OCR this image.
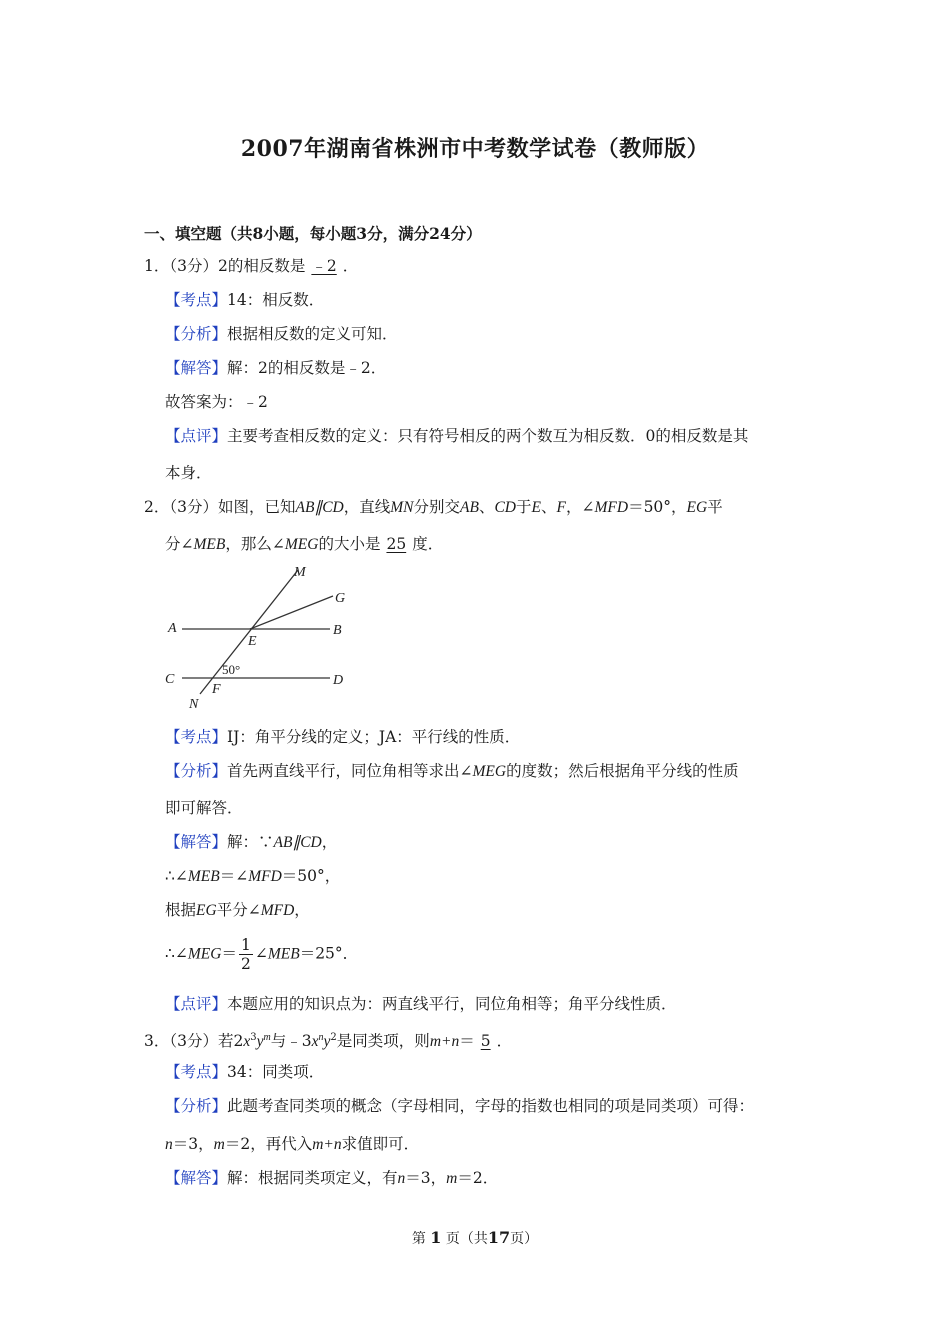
2007年湖南省株洲市中考数学试卷（教师版）
一、填空题（共8小题，每小题3分，满分24分）
1．（3分）2的相反数是 ﹣2 ．
【考点】14：相反数．
【分析】根据相反数的定义可知．
【解答】解：2的相反数是﹣2．
故答案为：﹣2
【点评】主要考查相反数的定义：只有符号相反的两个数互为相反数．0的相反数是其
本身．
2．（3分）如图，已知AB∥CD，直线MN分别交AB、CD于E、F，∠MFD＝50°，EG平
分∠MEB，那么∠MEG的大小是 25 度．
M
G
A	B
E
50°
C	D
F
N
【考点】IJ：角平分线的定义；JA：平行线的性质．
【分析】首先两直线平行，同位角相等求出∠MEG的度数；然后根据角平分线的性质
即可解答．
【解答】解：∵AB∥CD，
∴∠MEB＝∠MFD＝50°，
根据EG平分∠MFD，
∴∠MEG＝ $\frac{1}{2}$ ∠MEB＝25°．
【点评】本题应用的知识点为：两直线平行，同位角相等；角平分线性质．
3．（3分）若$2x^3y^m$与$﹣3x^ny^2$是同类项，则m+n＝ 5 ．
【考点】34：同类项．
【分析】此题考查同类项的概念（字母相同，字母的指数也相同的项是同类项）可得：
n＝3，m＝2，再代入m+n求值即可．
【解答】解：根据同类项定义，有n＝3，m＝2．
第 1 页（共17页）
